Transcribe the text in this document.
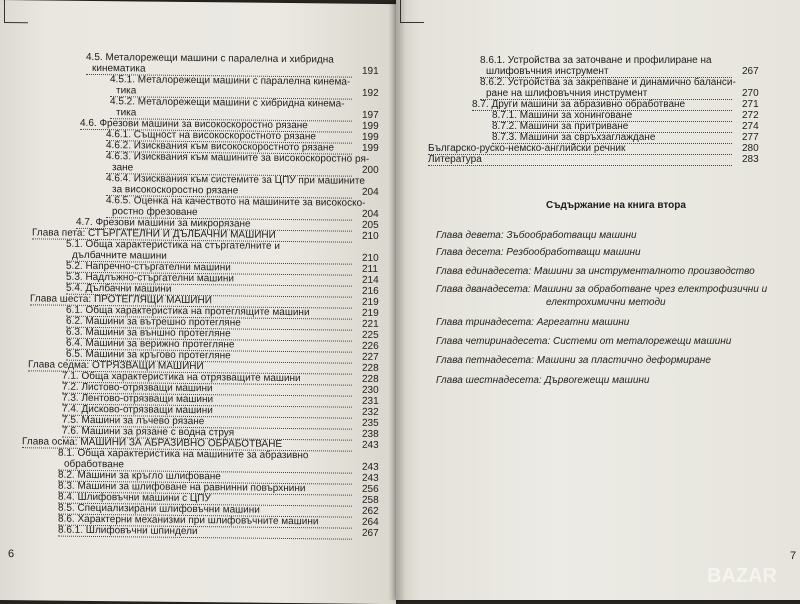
4.5. Металорежещи машини с паралелна и хибридна
кинематика	191
4.5.1. Металорежещи машини с паралелна кинема-
тика	192
4.5.2. Металорежещи машини с хибридна кинема-
тика	197
4.6. Фрезови машини за високоскоростно рязане	199
4.6.1. Същност на високоскоростното рязане	199
4.6.2. Изисквания към високоскоростното рязане	199
4.6.3. Изисквания към машините за високоскоростно ря-
зане	200
4.6.4. Изисквания към системите за ЦПУ при машините
за високоскоростно рязане	204
4.6.5. Оценка на качеството на машините за високоско-
ростно фрезоване	204
4.7. Фрезови машини за микрорязане	205
Глава пета: СТЪРГАТЕЛНИ И ДЪЛБАЧНИ МАШИНИ	210
5.1. Обща характеристика на стъргателните и
дълбачните машини	210
5.2. Напречно-стъргателни машини	211
5.3. Надлъжно-стъргателни машини	214
5.4. Дълбачни машини	216
Глава шеста: ПРОТЕГЛЯЩИ МАШИНИ	219
6.1. Обща характеристика на протеглящите машини	219
6.2. Машини за вътрешно протегляне	221
6.3. Машини за външно протегляне	225
6.4. Машини за верижно протегляне	226
6.5. Машини за кръгово протегляне	227
Глава седма: ОТРЯЗВАЩИ МАШИНИ	228
7.1. Обща характеристика на отрязващите машини	228
7.2. Листово-отрязващи машини	230
7.3. Лентово-отрязващи машини	231
7.4. Дисково-отрязващи машини	232
7.5. Машини за лъчево рязане	235
7.6. Машини за рязане с водна струя	238
Глава осма: МАШИНИ ЗА АБРАЗИВНО ОБРАБОТВАНЕ	243
8.1. Обща характеристика на машините за абразивно
обработване	243
8.2. Машини за кръгло шлифоване	243
8.3. Машини за шлифоване на равнинни повърхнини	256
8.4. Шлифовъчни машини с ЦПУ	258
8.5. Специализирани шлифовъчни машини	262
8.6. Характерни механизми при шлифовъчните машини	264
8.6.1. Шлифовъчни шпиндели	267
6
Съдържание на книга втора
Глава девета: Зъбообработващи машини
Глава десета: Резбообработващи машини
Глава единадесета: Машини за инструменталното производство
Глава дванадесета: Машини за обработване чрез електрофизични и
електрохимични методи
Глава тринадесета: Агрегатни машини
Глава четиринадесета: Системи от металорежещи машини
Глава петнадесета: Машини за пластично деформиране
Глава шестнадесета: Дървorежещи машини
7
8.6.1. Устройства за заточване и профилиране на
шлифовъчния инструмент	267
8.6.2. Устройства за закрепване и динамично баланси-
ране на шлифовъчния инструмент	270
8.7. Други машини за абразивно обработване	271
8.7.1. Машини за хонинговане	272
8.7.2. Машини за притриване	274
8.7.3. Машини за свръхзаглаждане	277
Българско-руско-немско-английски речник	280
Литература	283
BAZAR
